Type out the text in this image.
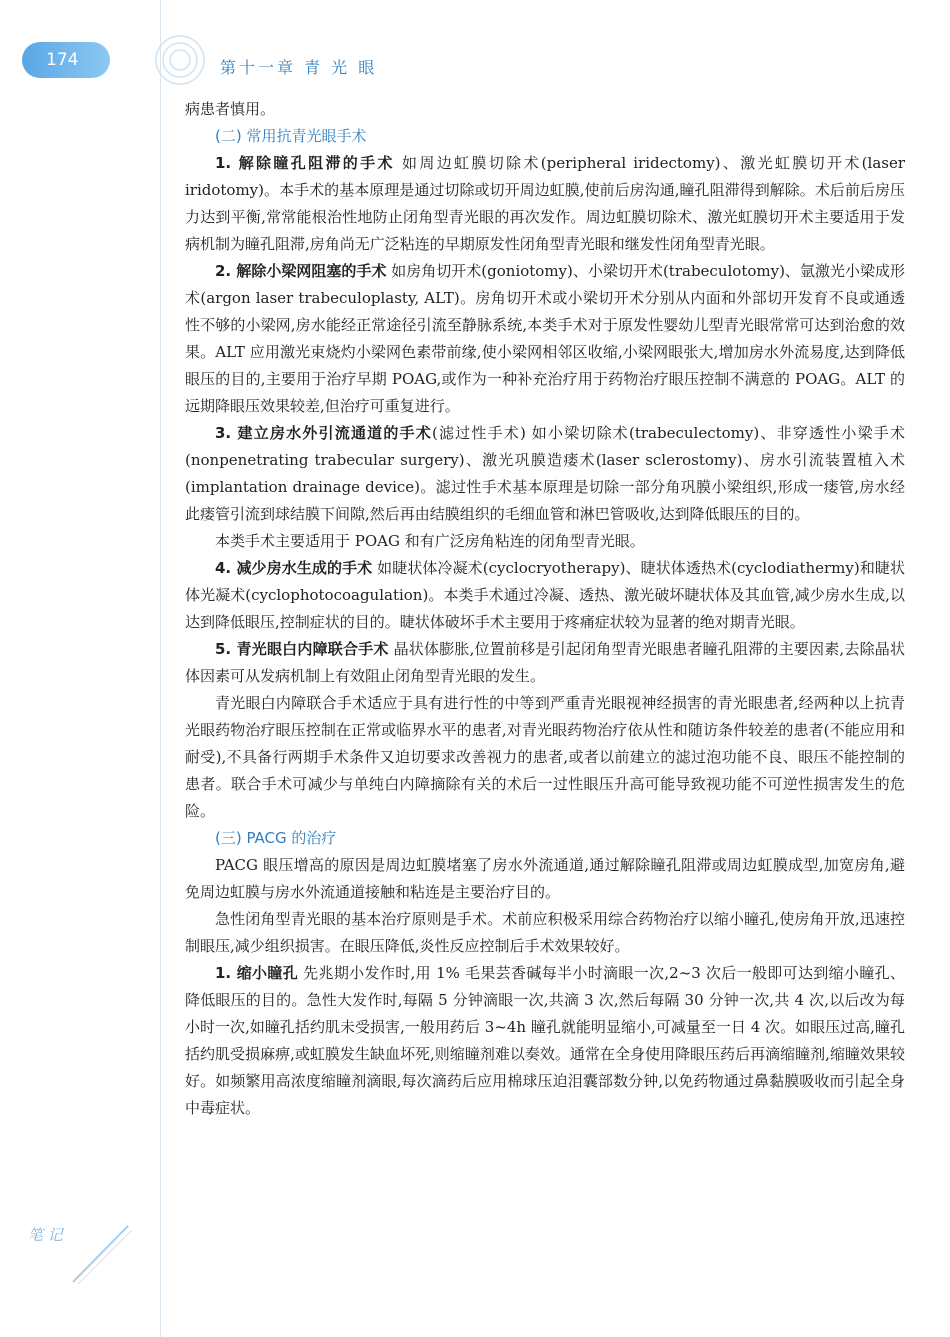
174	第十一章 青 光 眼

病患者慎用。

(二) 常用抗青光眼手术

1. 解除瞳孔阻滞的手术 如周边虹膜切除术(peripheral iridectomy)、激光虹膜切开术(laser iridotomy)。本手术的基本原理是通过切除或切开周边虹膜,使前后房沟通,瞳孔阻滞得到解除。术后前后房压力达到平衡,常常能根治性地防止闭角型青光眼的再次发作。周边虹膜切除术、激光虹膜切开术主要适用于发病机制为瞳孔阻滞,房角尚无广泛粘连的早期原发性闭角型青光眼和继发性闭角型青光眼。

2. 解除小梁网阻塞的手术 如房角切开术(goniotomy)、小梁切开术(trabeculotomy)、氩激光小梁成形术(argon laser trabeculoplasty, ALT)。房角切开术或小梁切开术分别从内面和外部切开发育不良或通透性不够的小梁网,房水能经正常途径引流至静脉系统,本类手术对于原发性婴幼儿型青光眼常常可达到治愈的效果。ALT 应用激光束烧灼小梁网色素带前缘,使小梁网相邻区收缩,小梁网眼张大,增加房水外流易度,达到降低眼压的目的,主要用于治疗早期 POAG,或作为一种补充治疗用于药物治疗眼压控制不满意的 POAG。ALT 的远期降眼压效果较差,但治疗可重复进行。

3. 建立房水外引流通道的手术(滤过性手术) 如小梁切除术(trabeculectomy)、非穿透性小梁手术(nonpenetrating trabecular surgery)、激光巩膜造瘘术(laser sclerostomy)、房水引流装置植入术(implantation drainage device)。滤过性手术基本原理是切除一部分角巩膜小梁组织,形成一瘘管,房水经此瘘管引流到球结膜下间隙,然后再由结膜组织的毛细血管和淋巴管吸收,达到降低眼压的目的。

本类手术主要适用于 POAG 和有广泛房角粘连的闭角型青光眼。

4. 减少房水生成的手术 如睫状体冷凝术(cyclocryotherapy)、睫状体透热术(cyclodiathermy)和睫状体光凝术(cyclophotocoagulation)。本类手术通过冷凝、透热、激光破坏睫状体及其血管,减少房水生成,以达到降低眼压,控制症状的目的。睫状体破坏手术主要用于疼痛症状较为显著的绝对期青光眼。

5. 青光眼白内障联合手术 晶状体膨胀,位置前移是引起闭角型青光眼患者瞳孔阻滞的主要因素,去除晶状体因素可从发病机制上有效阻止闭角型青光眼的发生。

青光眼白内障联合手术适应于具有进行性的中等到严重青光眼视神经损害的青光眼患者,经两种以上抗青光眼药物治疗眼压控制在正常或临界水平的患者,对青光眼药物治疗依从性和随访条件较差的患者(不能应用和耐受),不具备行两期手术条件又迫切要求改善视力的患者,或者以前建立的滤过泡功能不良、眼压不能控制的患者。联合手术可减少与单纯白内障摘除有关的术后一过性眼压升高可能导致视功能不可逆性损害发生的危险。

(三) PACG 的治疗

PACG 眼压增高的原因是周边虹膜堵塞了房水外流通道,通过解除瞳孔阻滞或周边虹膜成型,加宽房角,避免周边虹膜与房水外流通道接触和粘连是主要治疗目的。

急性闭角型青光眼的基本治疗原则是手术。术前应积极采用综合药物治疗以缩小瞳孔,使房角开放,迅速控制眼压,减少组织损害。在眼压降低,炎性反应控制后手术效果较好。

1. 缩小瞳孔 先兆期小发作时,用 1% 毛果芸香碱每半小时滴眼一次,2~3 次后一般即可达到缩小瞳孔、降低眼压的目的。急性大发作时,每隔 5 分钟滴眼一次,共滴 3 次,然后每隔 30 分钟一次,共 4 次,以后改为每小时一次,如瞳孔括约肌未受损害,一般用药后 3~4h 瞳孔就能明显缩小,可减量至一日 4 次。如眼压过高,瞳孔括约肌受损麻痹,或虹膜发生缺血坏死,则缩瞳剂难以奏效。通常在全身使用降眼压药后再滴缩瞳剂,缩瞳效果较好。如频繁用高浓度缩瞳剂滴眼,每次滴药后应用棉球压迫泪囊部数分钟,以免药物通过鼻黏膜吸收而引起全身中毒症状。

笔 记
